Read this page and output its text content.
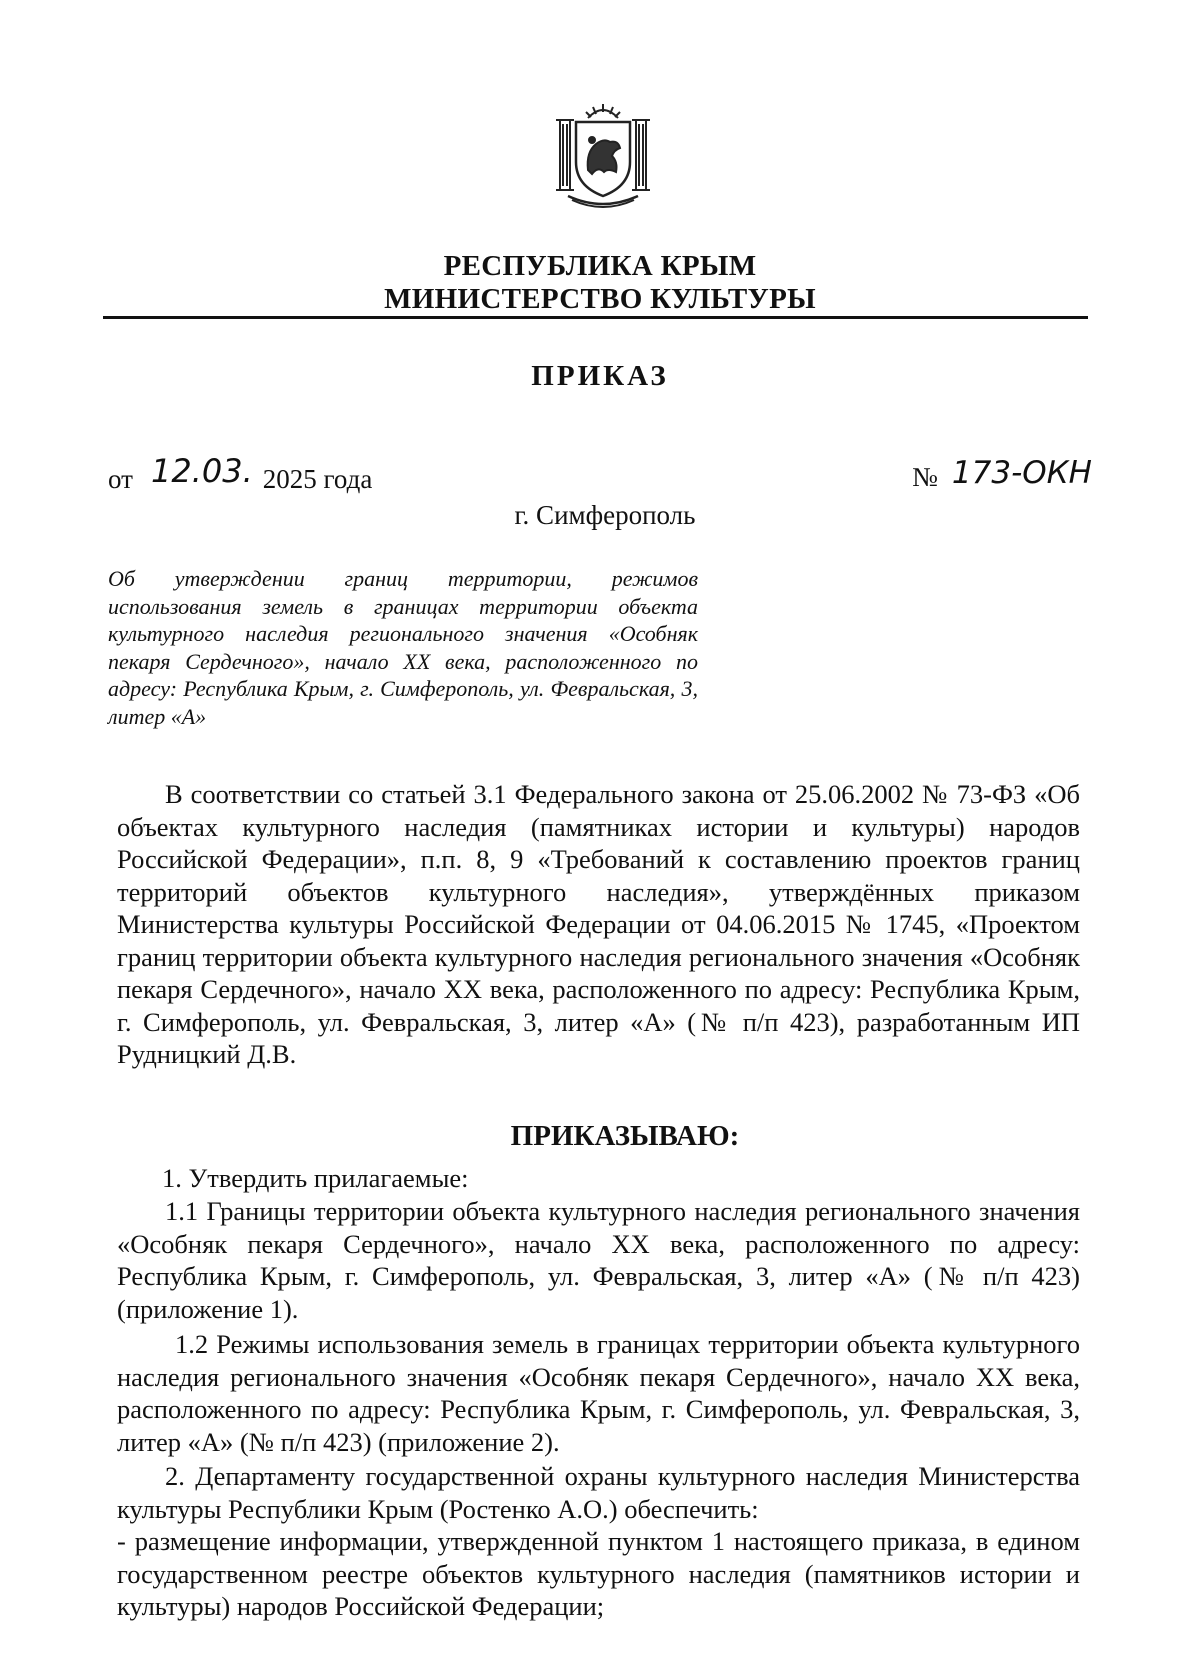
РЕСПУБЛИКА КРЫМ
МИНИСТЕРСТВО КУЛЬТУРЫ
ПРИКАЗ
от 12.03. 2025 года	№ 173-ОКН
г. Симферополь
Об утверждении границ территории, режимов использования земель в границах территории объекта культурного наследия регионального значения «Особняк пекаря Сердечного», начало XX века, расположенного по адресу: Республика Крым, г. Симферополь, ул. Февральская, 3, литер «А»
В соответствии со статьей 3.1 Федерального закона от 25.06.2002 № 73-ФЗ «Об объектах культурного наследия (памятниках истории и культуры) народов Российской Федерации», п.п. 8, 9 «Требований к составлению проектов границ территорий объектов культурного наследия», утверждённых приказом Министерства культуры Российской Федерации от 04.06.2015 № 1745, «Проектом границ территории объекта культурного наследия регионального значения «Особняк пекаря Сердечного», начало XX века, расположенного по адресу: Республика Крым, г. Симферополь, ул. Февральская, 3, литер «А» (№ п/п 423), разработанным ИП Рудницкий Д.В.
ПРИКАЗЫВАЮ:
1. Утвердить прилагаемые:
1.1 Границы территории объекта культурного наследия регионального значения «Особняк пекаря Сердечного», начало XX века, расположенного по адресу: Республика Крым, г. Симферополь, ул. Февральская, 3, литер «А» (№ п/п 423) (приложение 1).
1.2 Режимы использования земель в границах территории объекта культурного наследия регионального значения «Особняк пекаря Сердечного», начало XX века, расположенного по адресу: Республика Крым, г. Симферополь, ул. Февральская, 3, литер «А» (№ п/п 423) (приложение 2).
2. Департаменту государственной охраны культурного наследия Министерства культуры Республики Крым (Ростенко А.О.) обеспечить:
- размещение информации, утвержденной пунктом 1 настоящего приказа, в едином государственном реестре объектов культурного наследия (памятников истории и культуры) народов Российской Федерации;
